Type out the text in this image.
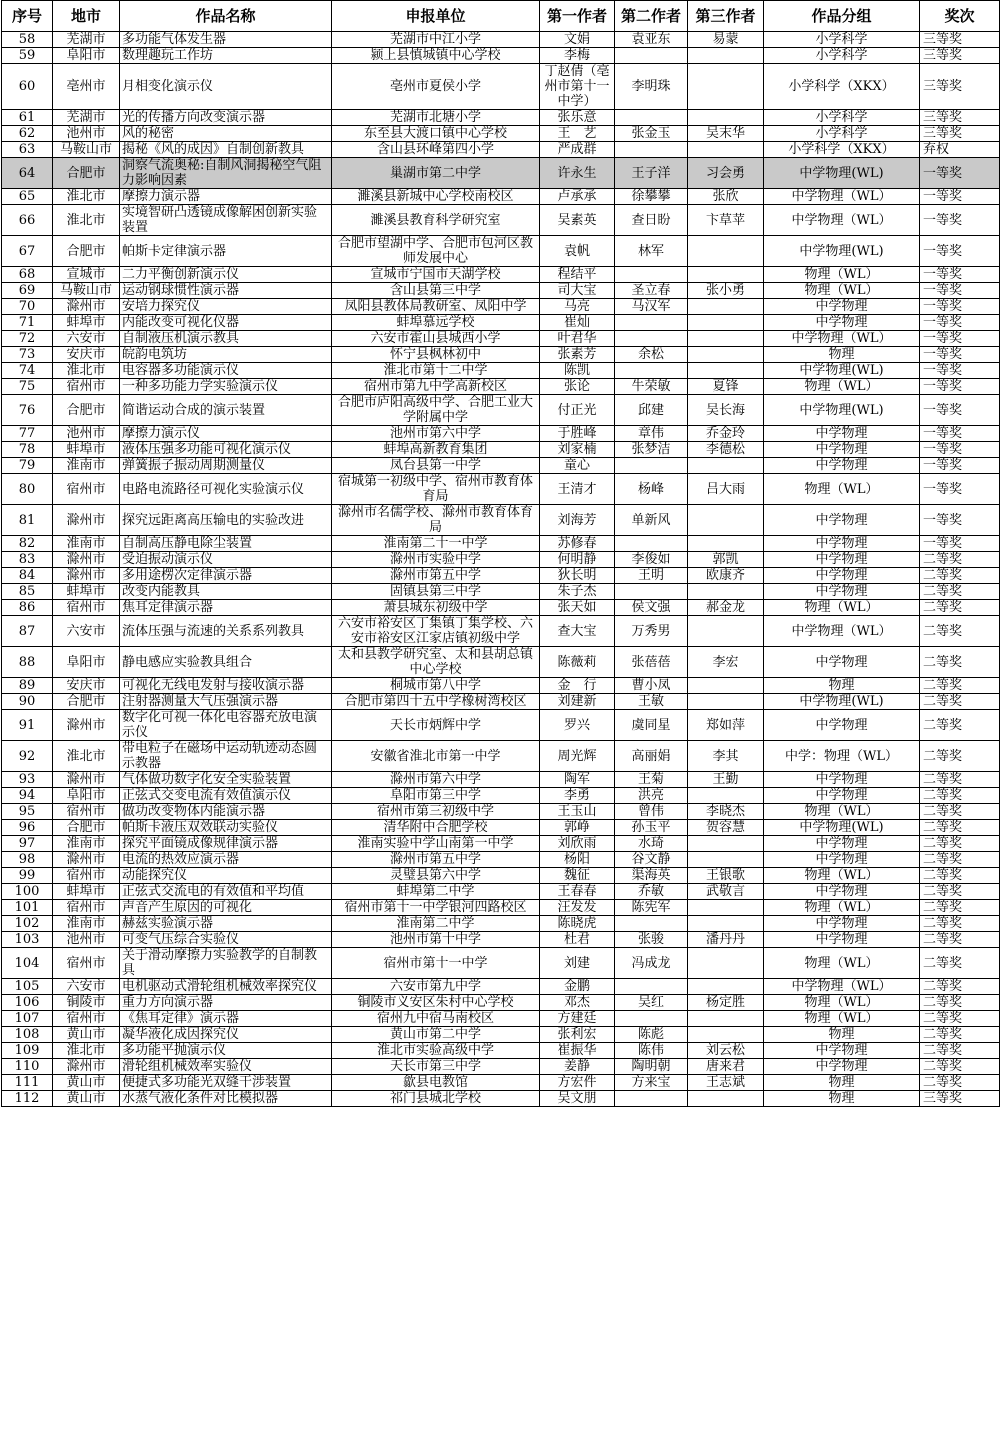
序号	地市	作品名称	申报单位	第一作者	第二作者	第三作者	作品分组	奖次
58	芜湖市	多功能气体发生器	芜湖市中江小学	文娟	袁亚东	易蒙	小学科学	三等奖
59	阜阳市	数理趣玩工作坊	颍上县慎城镇中心学校	李梅			小学科学	三等奖
60	亳州市	月相变化演示仪	亳州市夏侯小学	丁赵倩（亳州市第十一中学）	李明珠		小学科学（XKX）	三等奖
61	芜湖市	光的传播方向改变演示器	芜湖市北塘小学	张乐意			小学科学	三等奖
62	池州市	风的秘密	东至县大渡口镇中心学校	王　艺	张金玉	吴末华	小学科学	三等奖
63	马鞍山市	揭秘《风的成因》自制创新教具	含山县环峰第四小学	严成群			小学科学（XKX）	弃权
64	合肥市	洞察气流奥秘:自制风洞揭秘空气阻力影响因素	巢湖市第二中学	许永生	王子洋	习会勇	中学物理(WL)	一等奖
65	淮北市	摩擦力演示器	濉溪县新城中心学校南校区	卢承承	徐攀攀	张欣	中学物理（WL）	一等奖
66	淮北市	实境智研凸透镜成像解困创新实验装置	濉溪县教育科学研究室	吴素英	查日盼	卞草苹	中学物理（WL）	一等奖
67	合肥市	帕斯卡定律演示器	合肥市望湖中学、合肥市包河区教师发展中心	袁帆	林军		中学物理(WL)	一等奖
68	宣城市	二力平衡创新演示仪	宣城市宁国市天湖学校	程结平			物理（WL）	一等奖
69	马鞍山市	运动钢球惯性演示器	含山县第三中学	司大宝	圣立春	张小勇	物理（WL）	一等奖
70	滁州市	安培力探究仪	凤阳县教体局教研室、凤阳中学	马亮	马汉军		中学物理	一等奖
71	蚌埠市	内能改变可视化仪器	蚌埠慕远学校	崔灿			中学物理	一等奖
72	六安市	自制液压机演示教具	六安市霍山县城西小学	叶君华			中学物理（WL）	一等奖
73	安庆市	皖韵电筑坊	怀宁县枫林初中	张素芳	余松		物理	一等奖
74	淮北市	电容器多功能演示仪	淮北市第十二中学	陈凯			中学物理(WL)	一等奖
75	宿州市	一种多功能力学实验演示仪	宿州市第九中学高新校区	张论	牛荣敏	夏锋	物理（WL）	一等奖
76	合肥市	简谐运动合成的演示装置	合肥市庐阳高级中学、合肥工业大学附属中学	付正光	邱建	吴长海	中学物理(WL)	一等奖
77	池州市	摩擦力演示仪	池州市第六中学	于胜峰	章伟	乔金玲	中学物理	一等奖
78	蚌埠市	液体压强多功能可视化演示仪	蚌埠高新教育集团	刘家楠	张梦洁	李德松	中学物理	一等奖
79	淮南市	弹簧振子振动周期测量仪	凤台县第一中学	童心			中学物理	一等奖
80	宿州市	电路电流路径可视化实验演示仪	宿城第一初级中学、宿州市教育体育局	王清才	杨峰	吕大雨	物理（WL）	一等奖
81	滁州市	探究远距离高压输电的实验改进	滁州市名儒学校、滁州市教育体育局	刘海芳	单新风		中学物理	一等奖
82	淮南市	自制高压静电除尘装置	淮南第二十一中学	苏修春			中学物理	一等奖
83	滁州市	受迫振动演示仪	滁州市实验中学	何明静	李俊如	郭凯	中学物理	二等奖
84	滁州市	多用途楞次定律演示器	滁州市第五中学	狄长明	王明	欧康齐	中学物理	二等奖
85	蚌埠市	改变内能教具	固镇县第三中学	朱子杰			中学物理	二等奖
86	宿州市	焦耳定律演示器	萧县城东初级中学	张天如	侯文强	郝金龙	物理（WL）	二等奖
87	六安市	流体压强与流速的关系系列教具	六安市裕安区丁集镇丁集学校、六安市裕安区江家店镇初级中学	查大宝	万秀男		中学物理（WL）	二等奖
88	阜阳市	静电感应实验教具组合	太和县教学研究室、太和县胡总镇中心学校	陈薇莉	张蓓蓓	李宏	中学物理	二等奖
89	安庆市	可视化无线电发射与接收演示器	桐城市第八中学	金　行	曹小凤		物理	二等奖
90	合肥市	注射器测量大气压强演示器	合肥市第四十五中学橡树湾校区	刘建新	王敏		中学物理(WL)	二等奖
91	滁州市	数字化可视一体化电容器充放电演示仪	天长市炳辉中学	罗兴	虞同星	郑如萍	中学物理	二等奖
92	淮北市	带电粒子在磁场中运动轨迹动态圆示教器	安徽省淮北市第一中学	周光辉	高丽娟	李其	中学：物理（WL）	二等奖
93	滁州市	气体做功数字化安全实验装置	滁州市第六中学	陶军	王菊	王勤	中学物理	二等奖
94	阜阳市	正弦式交变电流有效值演示仪	阜阳市第三中学	李勇	洪亮		中学物理	二等奖
95	宿州市	做功改变物体内能演示器	宿州市第三初级中学	王玉山	曾伟	李晓杰	物理（WL）	二等奖
96	合肥市	帕斯卡液压双效联动实验仪	清华附中合肥学校	郭峥	孙玉平	贺容慧	中学物理(WL)	二等奖
97	淮南市	探究平面镜成像规律演示器	淮南实验中学山南第一中学	刘欣雨	水琦		中学物理	二等奖
98	滁州市	电流的热效应演示器	滁州市第五中学	杨阳	谷文静		中学物理	二等奖
99	宿州市	动能探究仪	灵璧县第六中学	魏征	渠海英	王银歌	物理（WL）	二等奖
100	蚌埠市	正弦式交流电的有效值和平均值	蚌埠第二中学	王春春	乔敏	武敬言	中学物理	二等奖
101	宿州市	声音产生原因的可视化	宿州市第十一中学银河四路校区	汪发发	陈宪军		物理（WL）	二等奖
102	淮南市	赫兹实验演示器	淮南第二中学	陈晓虎			中学物理	二等奖
103	池州市	可变气压综合实验仪	池州市第十中学	杜君	张骏	潘丹丹	中学物理	二等奖
104	宿州市	关于滑动摩擦力实验教学的自制教具	宿州市第十一中学	刘建	冯成龙		物理（WL）	二等奖
105	六安市	电机驱动式滑轮组机械效率探究仪	六安市第九中学	金鹏			中学物理（WL）	二等奖
106	铜陵市	重力方向演示器	铜陵市义安区朱村中心学校	邓杰	吴红	杨定胜	物理（WL）	二等奖
107	宿州市	《焦耳定律》演示器	宿州九中宿马南校区	方建廷			物理（WL）	二等奖
108	黄山市	凝华液化成因探究仪	黄山市第二中学	张利宏	陈彪		物理	二等奖
109	淮北市	多功能平抛演示仪	淮北市实验高级中学	崔振华	陈伟	刘云松	中学物理	二等奖
110	滁州市	滑轮组机械效率实验仪	天长市第三中学	姜静	陶明朝	唐来君	中学物理	二等奖
111	黄山市	便捷式多功能光双缝干涉装置	歙县电教馆	方宏件	方来宝	王志斌	物理	二等奖
112	黄山市	水蒸气液化条件对比模拟器	祁门县城北学校	吴文朋			物理	三等奖
